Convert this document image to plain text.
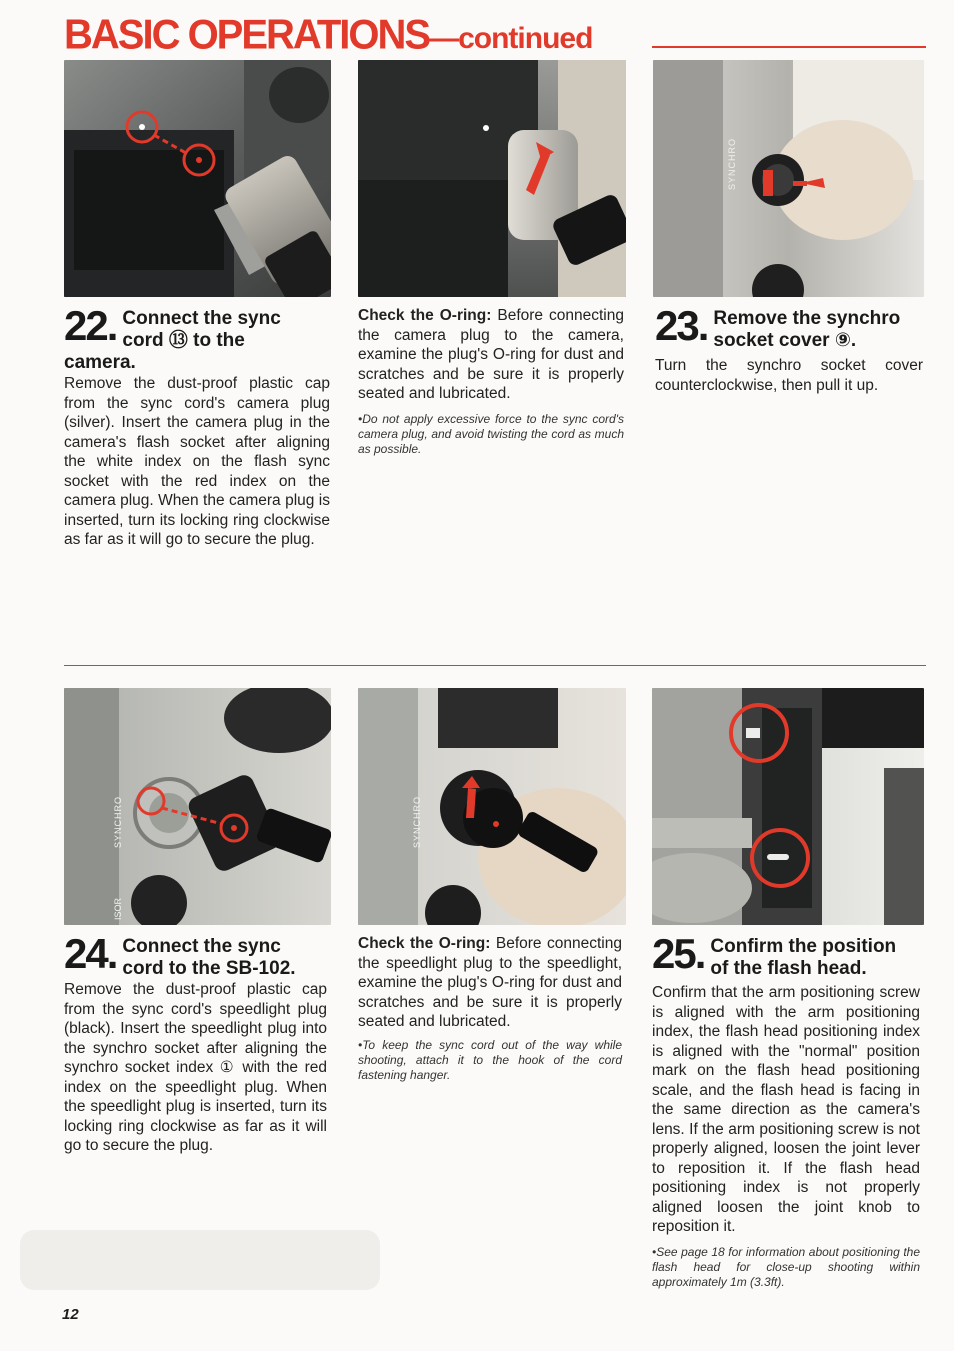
BASIC OPERATIONS—continued
SYNCHRO
22. Connect the sync
cord ⑬ to the
camera.
Remove the dust-proof plastic cap from the sync cord's camera plug (silver). Insert the camera plug in the camera's flash socket after aligning the white index on the flash sync socket with the red index on the camera plug. When the camera plug is inserted, turn its locking ring clockwise as far as it will go to secure the plug.
Check the O-ring: Before connecting the camera plug to the camera, examine the plug's O-ring for dust and scratches and be sure it is properly seated and lubricated.
•Do not apply excessive force to the sync cord's camera plug, and avoid twisting the cord as much as possible.
23. Remove the synchro
socket cover ⑨.
Turn the synchro socket cover counterclockwise, then pull it up.
SYNCHRO
ISOR
SYNCHRO
24. Connect the sync
cord to the SB-102.
Remove the dust-proof plastic cap from the sync cord's speedlight plug (black). Insert the speedlight plug into the synchro socket after aligning the synchro socket index ① with the red index on the speedlight plug. When the speedlight plug is inserted, turn its locking ring clockwise as far as it will go to secure the plug.
Check the O-ring: Before connecting the speedlight plug to the speedlight, examine the plug's O-ring for dust and scratches and be sure it is properly seated and lubricated.
•To keep the sync cord out of the way while shooting, attach it to the hook of the cord fastening hanger.
25. Confirm the position
of the flash head.
Confirm that the arm positioning screw is aligned with the arm positioning index, the flash head positioning index is aligned with the "normal" position mark on the flash head positioning scale, and the flash head is facing in the same direction as the camera's lens. If the arm positioning screw is not properly aligned, loosen the joint lever to reposition it. If the flash head positioning index is not properly aligned loosen the joint knob to reposition it.
•See page 18 for information about positioning the flash head for close-up shooting within approximately 1m (3.3ft).
12
